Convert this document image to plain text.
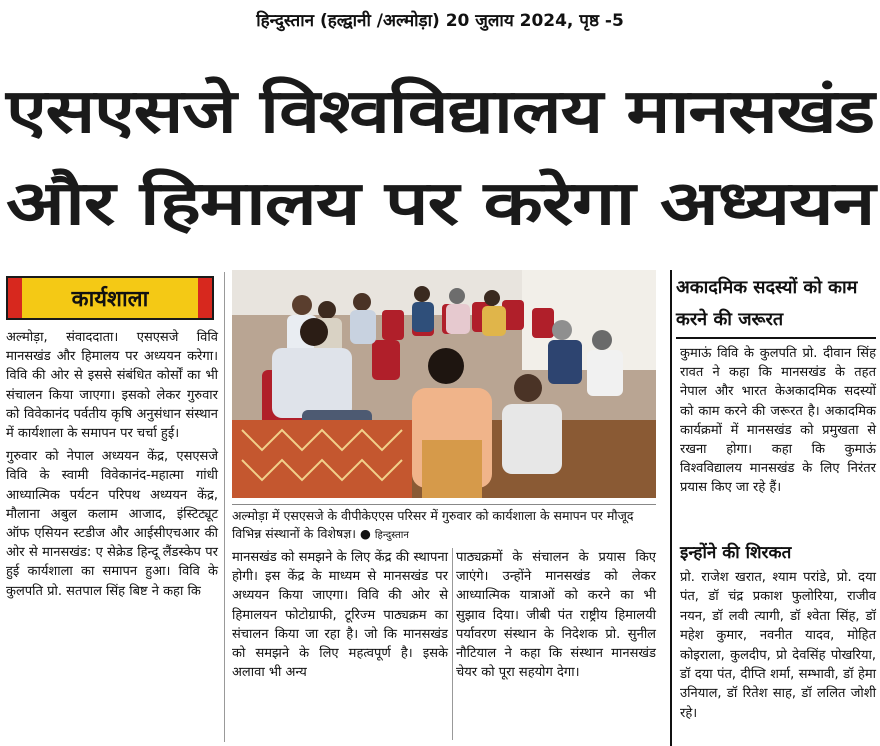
हिन्दुस्तान (हल्द्वानी /अल्मोड़ा) 20 जुलाय 2024, पृष्ठ -5
एसएसजे विश्वविद्यालय मानसखंड
और हिमालय पर करेगा अध्ययन
कार्यशाला

अल्मोड़ा, संवाददाता। एसएसजे विवि मानसखंड और हिमालय पर अध्ययन करेगा। विवि की ओर से इससे संबंधित कोर्सों का भी संचालन किया जाएगा। इसको लेकर गुरुवार को विवेकानंद पर्वतीय कृषि अनुसंधान संस्थान में कार्यशाला के समापन पर चर्चा हुई।

गुरुवार को नेपाल अध्ययन केंद्र, एसएसजे विवि के स्वामी विवेकानंद-महात्मा गांधी आध्यात्मिक पर्यटन परिपथ अध्ययन केंद्र, मौलाना अबुल कलाम आजाद, इंस्टिट्यूट ऑफ एसियन स्टडीज और आईसीएचआर की ओर से मानसखंड: ए सेक्रेड हिन्दू लैंडस्केप पर हुई कार्यशाला का समापन हुआ। विवि के कुलपति प्रो. सतपाल सिंह बिष्ट ने कहा कि

अल्मोड़ा में एसएसजे के वीपीकेएएस परिसर में गुरुवार को कार्यशाला के समापन पर मौजूद विभिन्न संस्थानों के विशेषज्ञ। ● हिन्दुस्तान
मानसखंड को समझने के लिए केंद्र की स्थापना होगी। इस केंद्र के माध्यम से मानसखंड पर अध्ययन किया जाएगा। विवि की ओर से हिमालयन फोटोग्राफी, टूरिज्म पाठ्यक्रम का संचालन किया जा रहा है। जो कि मानसखंड को समझने के लिए महत्वपूर्ण है। इसके अलावा भी अन्य
पाठ्यक्रमों के संचालन के प्रयास किए जाएंगे। उन्होंने मानसखंड को लेकर आध्यात्मिक यात्राओं को करने का भी सुझाव दिया। जीबी पंत राष्ट्रीय हिमालयी पर्यावरण संस्थान के निदेशक प्रो. सुनील नौटियाल ने कहा कि संस्थान मानसखंड चेयर को पूरा सहयोग देगा।
अकादमिक सदस्यों को काम करने की जरूरत
कुमाऊं विवि के कुलपति प्रो. दीवान सिंह रावत ने कहा कि मानसखंड के तहत नेपाल और भारत केअकादमिक सदस्यों को काम करने की जरूरत है। अकादमिक कार्यक्रमों में मानसखंड को प्रमुखता से रखना होगा। कहा कि कुमाऊं विश्वविद्यालय मानसखंड के लिए निरंतर प्रयास किए जा रहे हैं।
इन्होंने की शिरकत
प्रो. राजेश खरात, श्याम परांडे, प्रो. दया पंत, डॉ चंद्र प्रकाश फुलोरिया, राजीव नयन, डॉ लवी त्यागी, डॉ श्वेता सिंह, डॉ महेश कुमार, नवनीत यादव, मोहित कोइराला, कुलदीप, प्रो देवसिंह पोखरिया, डॉ दया पंत, दीप्ति शर्मा, सम्भावी, डॉ हेमा उनियाल, डॉ रितेश साह, डॉ ललित जोशी रहे।
